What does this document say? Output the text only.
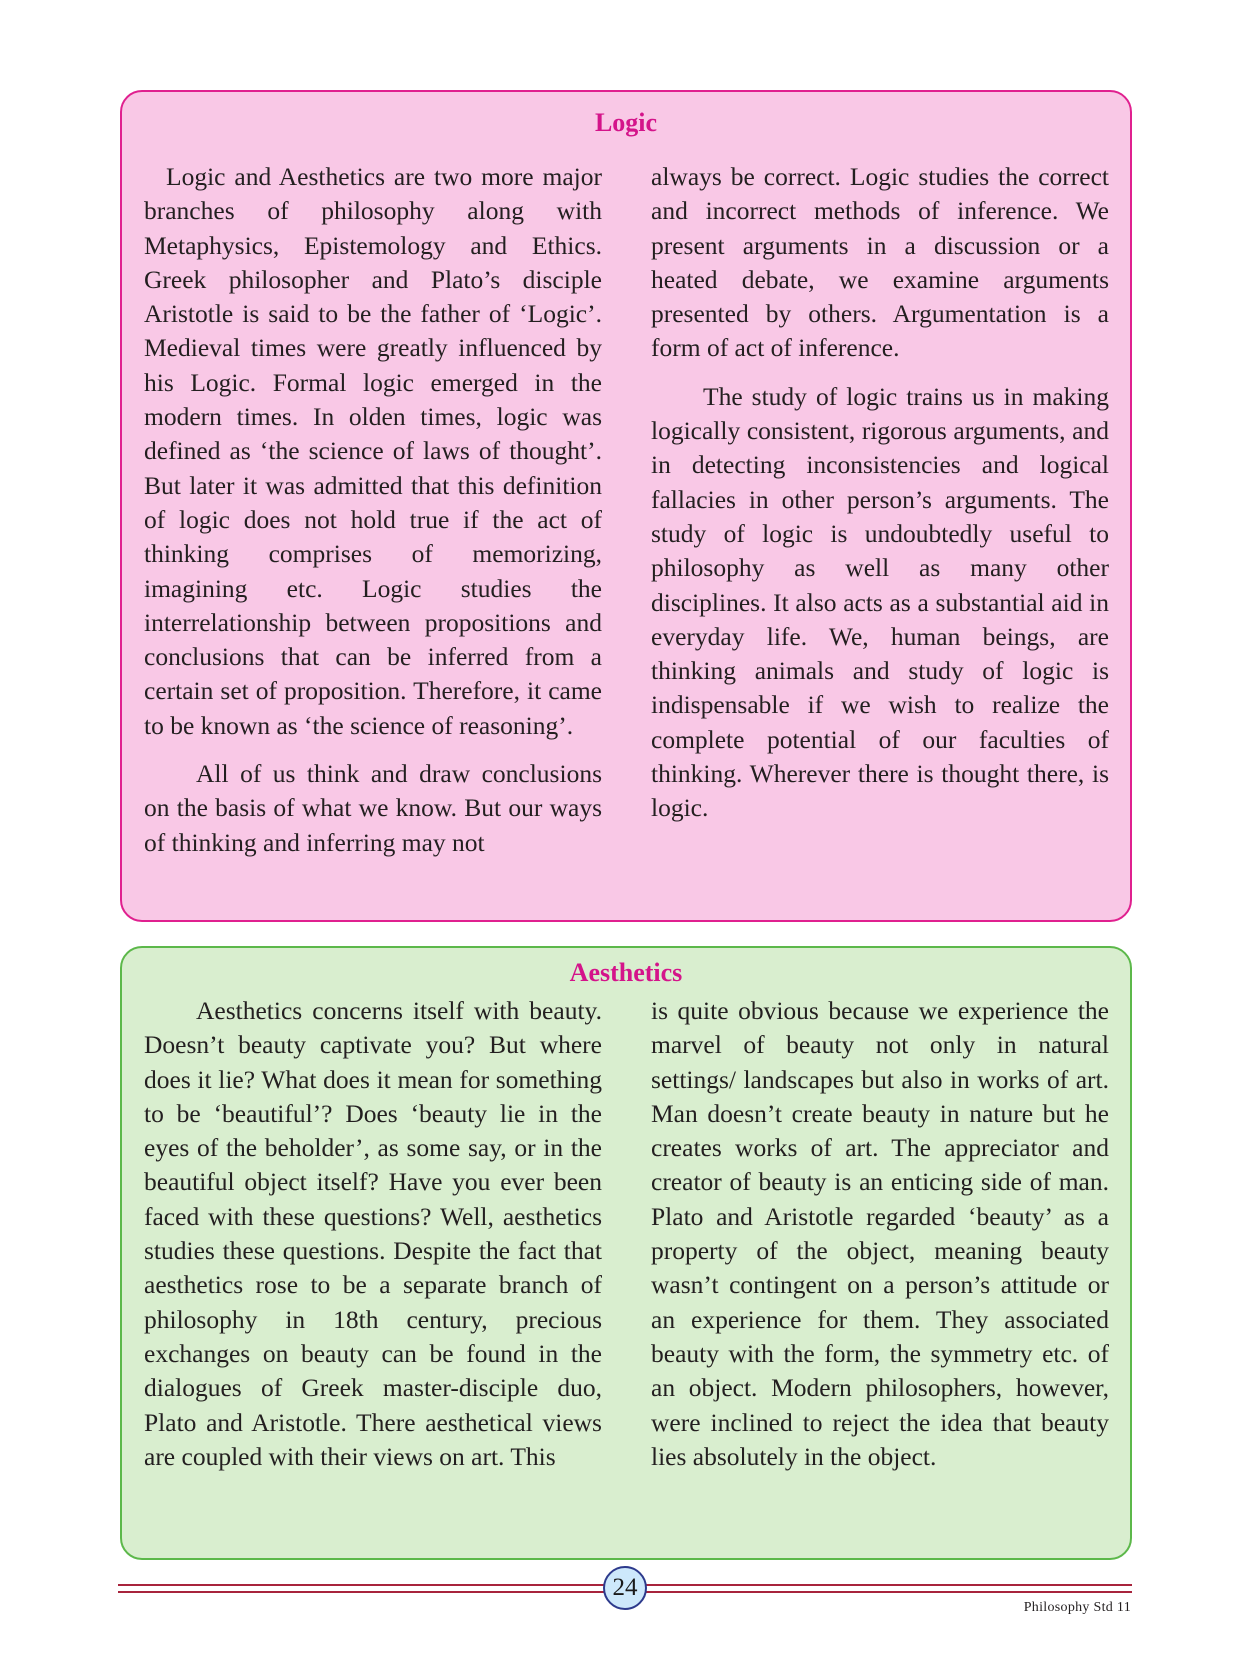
Logic

Logic and Aesthetics are two more major branches of philosophy along with Metaphysics, Epistemology and Ethics. Greek philosopher and Plato’s disciple Aristotle is said to be the father of ‘Logic’. Medieval times were greatly influenced by his Logic. Formal logic emerged in the modern times. In olden times, logic was defined as ‘the science of laws of thought’. But later it was admitted that this definition of logic does not hold true if the act of thinking comprises of memorizing, imagining etc. Logic studies the interrelationship between propositions and conclusions that can be inferred from a certain set of proposition. Therefore, it came to be known as ‘the science of reasoning’.

All of us think and draw conclusions on the basis of what we know. But our ways of thinking and inferring may not

always be correct. Logic studies the correct and incorrect methods of inference. We present arguments in a discussion or a heated debate, we examine arguments presented by others. Argumentation is a form of act of inference.

The study of logic trains us in making logically consistent, rigorous arguments, and in detecting inconsistencies and logical fallacies in other person’s arguments. The study of logic is undoubtedly useful to philosophy as well as many other disciplines. It also acts as a substantial aid in everyday life. We, human beings, are thinking animals and study of logic is indispensable if we wish to realize the complete potential of our faculties of thinking. Wherever there is thought there, is logic.

Aesthetics

Aesthetics concerns itself with beauty. Doesn’t beauty captivate you? But where does it lie? What does it mean for something to be ‘beautiful’? Does ‘beauty lie in the eyes of the beholder’, as some say, or in the beautiful object itself? Have you ever been faced with these questions? Well, aesthetics studies these questions. Despite the fact that aesthetics rose to be a separate branch of philosophy in 18th century, precious exchanges on beauty can be found in the dialogues of Greek master-disciple duo, Plato and Aristotle. There aesthetical views are coupled with their views on art. This

is quite obvious because we experience the marvel of beauty not only in natural settings/ landscapes but also in works of art. Man doesn’t create beauty in nature but he creates works of art. The appreciator and creator of beauty is an enticing side of man. Plato and Aristotle regarded ‘beauty’ as a property of the object, meaning beauty wasn’t contingent on a person’s attitude or an experience for them. They associated beauty with the form, the symmetry etc. of an object. Modern philosophers, however, were inclined to reject the idea that beauty lies absolutely in the object.

24
Philosophy Std 11
